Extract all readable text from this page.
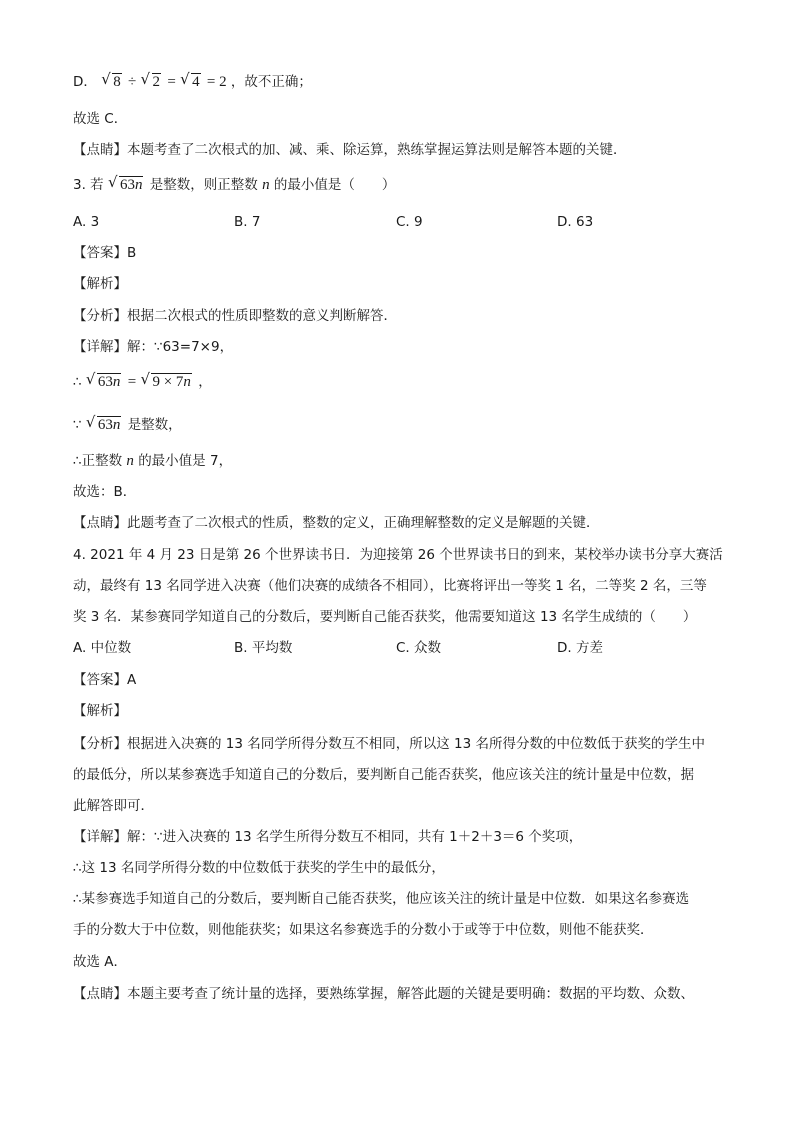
D． √ 8 ÷ √ 2 = √ 4 = 2 ，故不正确；
故选 C．
【点睛】本题考查了二次根式的加、减、乘、除运算，熟练掌握运算法则是解答本题的关键．
3. 若 √ 63n 是整数，则正整数 n 的最小值是（　　）
A. 3	B. 7	C. 9	D. 63
【答案】B
【解析】
【分析】根据二次根式的性质即整数的意义判断解答．
【详解】解：∵63=7×9，
∴ √ 63n = √ 9 × 7n ，
∵ √ 63n 是整数，
∴正整数 n 的最小值是 7，
故选：B．
【点睛】此题考查了二次根式的性质，整数的定义，正确理解整数的定义是解题的关键．
4. 2021 年 4 月 23 日是第 26 个世界读书日．为迎接第 26 个世界读书日的到来，某校举办读书分享大赛活
动，最终有 13 名同学进入决赛（他们决赛的成绩各不相同），比赛将评出一等奖 1 名，二等奖 2 名，三等
奖 3 名．某参赛同学知道自己的分数后，要判断自己能否获奖，他需要知道这 13 名学生成绩的（　　）
A. 中位数	B. 平均数	C. 众数	D. 方差
【答案】A
【解析】
【分析】根据进入决赛的 13 名同学所得分数互不相同，所以这 13 名所得分数的中位数低于获奖的学生中
的最低分，所以某参赛选手知道自己的分数后，要判断自己能否获奖，他应该关注的统计量是中位数，据
此解答即可．
【详解】解：∵进入决赛的 13 名学生所得分数互不相同，共有 1＋2＋3＝6 个奖项，
∴这 13 名同学所得分数的中位数低于获奖的学生中的最低分，
∴某参赛选手知道自己的分数后，要判断自己能否获奖，他应该关注的统计量是中位数．如果这名参赛选
手的分数大于中位数，则他能获奖；如果这名参赛选手的分数小于或等于中位数，则他不能获奖．
故选 A．
【点睛】本题主要考查了统计量的选择，要熟练掌握，解答此题的关键是要明确：数据的平均数、众数、
